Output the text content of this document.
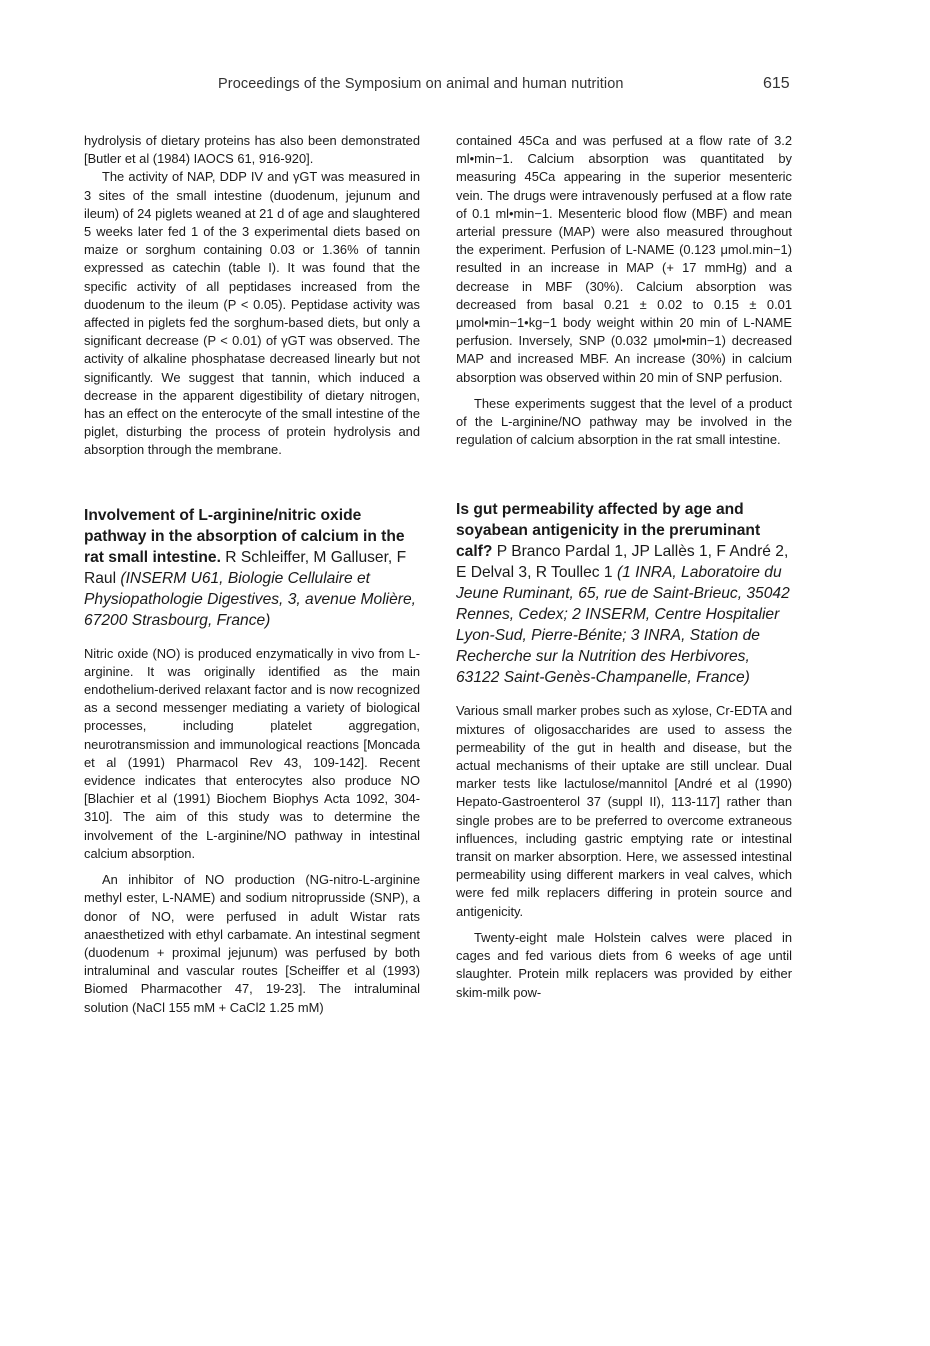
Proceedings of the Symposium on animal and human nutrition	615

hydrolysis of dietary proteins has also been demonstrated [Butler et al (1984) IAOCS 61, 916-920].

The activity of NAP, DDP IV and γGT was measured in 3 sites of the small intestine (duodenum, jejunum and ileum) of 24 piglets weaned at 21 d of age and slaughtered 5 weeks later fed 1 of the 3 experimental diets based on maize or sorghum containing 0.03 or 1.36% of tannin expressed as catechin (table I). It was found that the specific activity of all peptidases increased from the duodenum to the ileum (P < 0.05). Peptidase activity was affected in piglets fed the sorghum-based diets, but only a significant decrease (P < 0.01) of γGT was observed. The activity of alkaline phosphatase decreased linearly but not significantly. We suggest that tannin, which induced a decrease in the apparent digestibility of dietary nitrogen, has an effect on the enterocyte of the small intestine of the piglet, disturbing the process of protein hydrolysis and absorption through the membrane.

Involvement of L-arginine/nitric oxide pathway in the absorption of calcium in the rat small intestine. R Schleiffer, M Galluser, F Raul (INSERM U61, Biologie Cellulaire et Physiopathologie Digestives, 3, avenue Molière, 67200 Strasbourg, France)

Nitric oxide (NO) is produced enzymatically in vivo from L-arginine. It was originally identified as the main endothelium-derived relaxant factor and is now recognized as a second messenger mediating a variety of biological processes, including platelet aggregation, neurotransmission and immunological reactions [Moncada et al (1991) Pharmacol Rev 43, 109-142]. Recent evidence indicates that enterocytes also produce NO [Blachier et al (1991) Biochem Biophys Acta 1092, 304-310]. The aim of this study was to determine the involvement of the L-arginine/NO pathway in intestinal calcium absorption.

An inhibitor of NO production (NG-nitro-L-arginine methyl ester, L-NAME) and sodium nitroprusside (SNP), a donor of NO, were perfused in adult Wistar rats anaesthetized with ethyl carbamate. An intestinal segment (duodenum + proximal jejunum) was perfused by both intraluminal and vascular routes [Scheiffer et al (1993) Biomed Pharmacother 47, 19-23]. The intraluminal solution (NaCl 155 mM + CaCl2 1.25 mM)

contained 45Ca and was perfused at a flow rate of 3.2 ml•min−1. Calcium absorption was quantitated by measuring 45Ca appearing in the superior mesenteric vein. The drugs were intravenously perfused at a flow rate of 0.1 ml•min−1. Mesenteric blood flow (MBF) and mean arterial pressure (MAP) were also measured throughout the experiment. Perfusion of L-NAME (0.123 μmol.min−1) resulted in an increase in MAP (+ 17 mmHg) and a decrease in MBF (30%). Calcium absorption was decreased from basal 0.21 ± 0.02 to 0.15 ± 0.01 μmol•min−1•kg−1 body weight within 20 min of L-NAME perfusion. Inversely, SNP (0.032 μmol•min−1) decreased MAP and increased MBF. An increase (30%) in calcium absorption was observed within 20 min of SNP perfusion.

These experiments suggest that the level of a product of the L-arginine/NO pathway may be involved in the regulation of calcium absorption in the rat small intestine.

Is gut permeability affected by age and soyabean antigenicity in the preruminant calf? P Branco Pardal 1, JP Lallès 1, F André 2, E Delval 3, R Toullec 1 (1 INRA, Laboratoire du Jeune Ruminant, 65, rue de Saint-Brieuc, 35042 Rennes, Cedex; 2 INSERM, Centre Hospitalier Lyon-Sud, Pierre-Bénite; 3 INRA, Station de Recherche sur la Nutrition des Herbivores, 63122 Saint-Genès-Champanelle, France)

Various small marker probes such as xylose, Cr-EDTA and mixtures of oligosaccharides are used to assess the permeability of the gut in health and disease, but the actual mechanisms of their uptake are still unclear. Dual marker tests like lactulose/mannitol [André et al (1990) Hepato-Gastroenterol 37 (suppl II), 113-117] rather than single probes are to be preferred to overcome extraneous influences, including gastric emptying rate or intestinal transit on marker absorption. Here, we assessed intestinal permeability using different markers in veal calves, which were fed milk replacers differing in protein source and antigenicity.

Twenty-eight male Holstein calves were placed in cages and fed various diets from 6 weeks of age until slaughter. Protein milk replacers was provided by either skim-milk pow-
